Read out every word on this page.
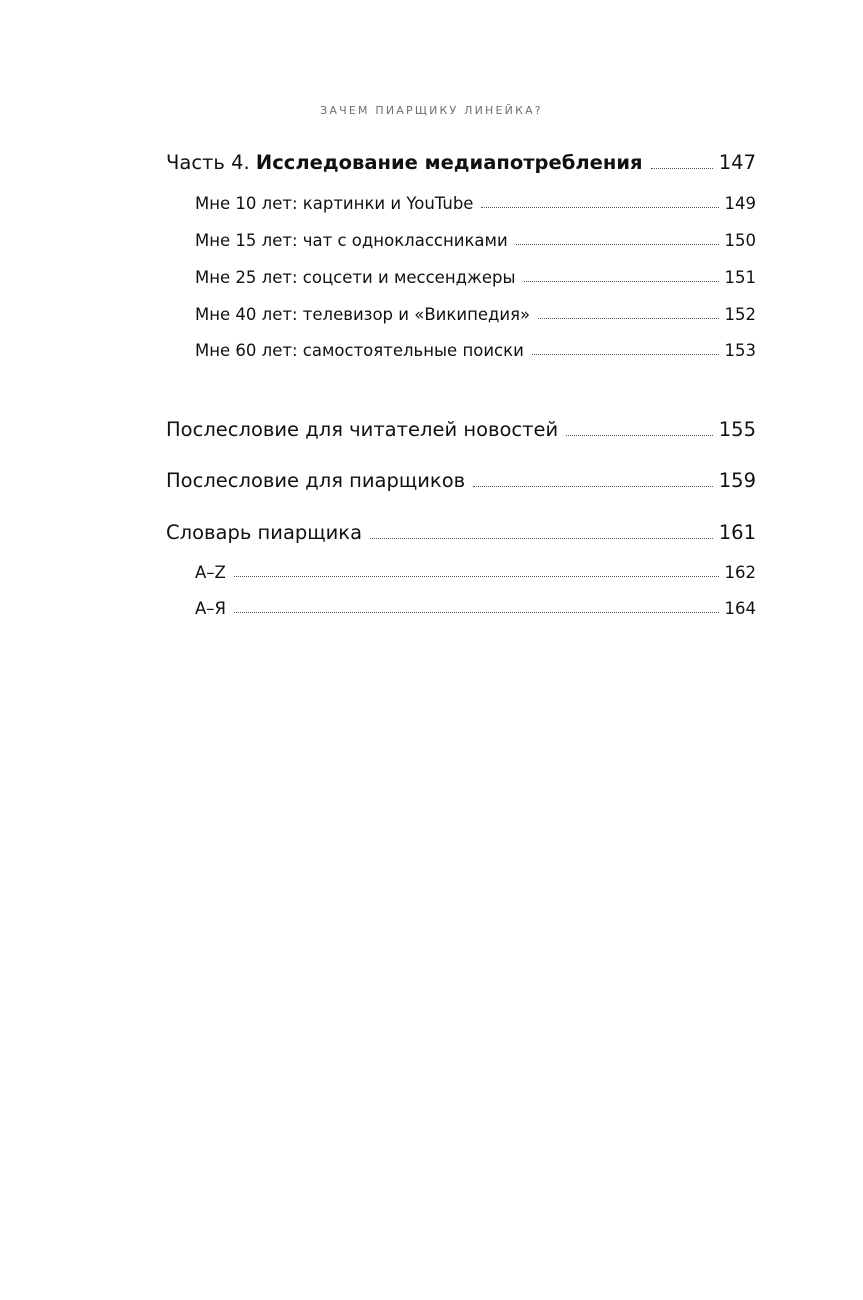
ЗАЧЕМ ПИАРЩИКУ ЛИНЕЙКА?
Часть 4. Исследование медиапотребления	147
Мне 10 лет: картинки и YouTube	149
Мне 15 лет: чат с одноклассниками	150
Мне 25 лет: соцсети и мессенджеры	151
Мне 40 лет: телевизор и «Википедия»	152
Мне 60 лет: самостоятельные поиски	153
Послесловие для читателей новостей	155
Послесловие для пиарщиков	159
Словарь пиарщика	161
A–Z	162
А–Я	164
